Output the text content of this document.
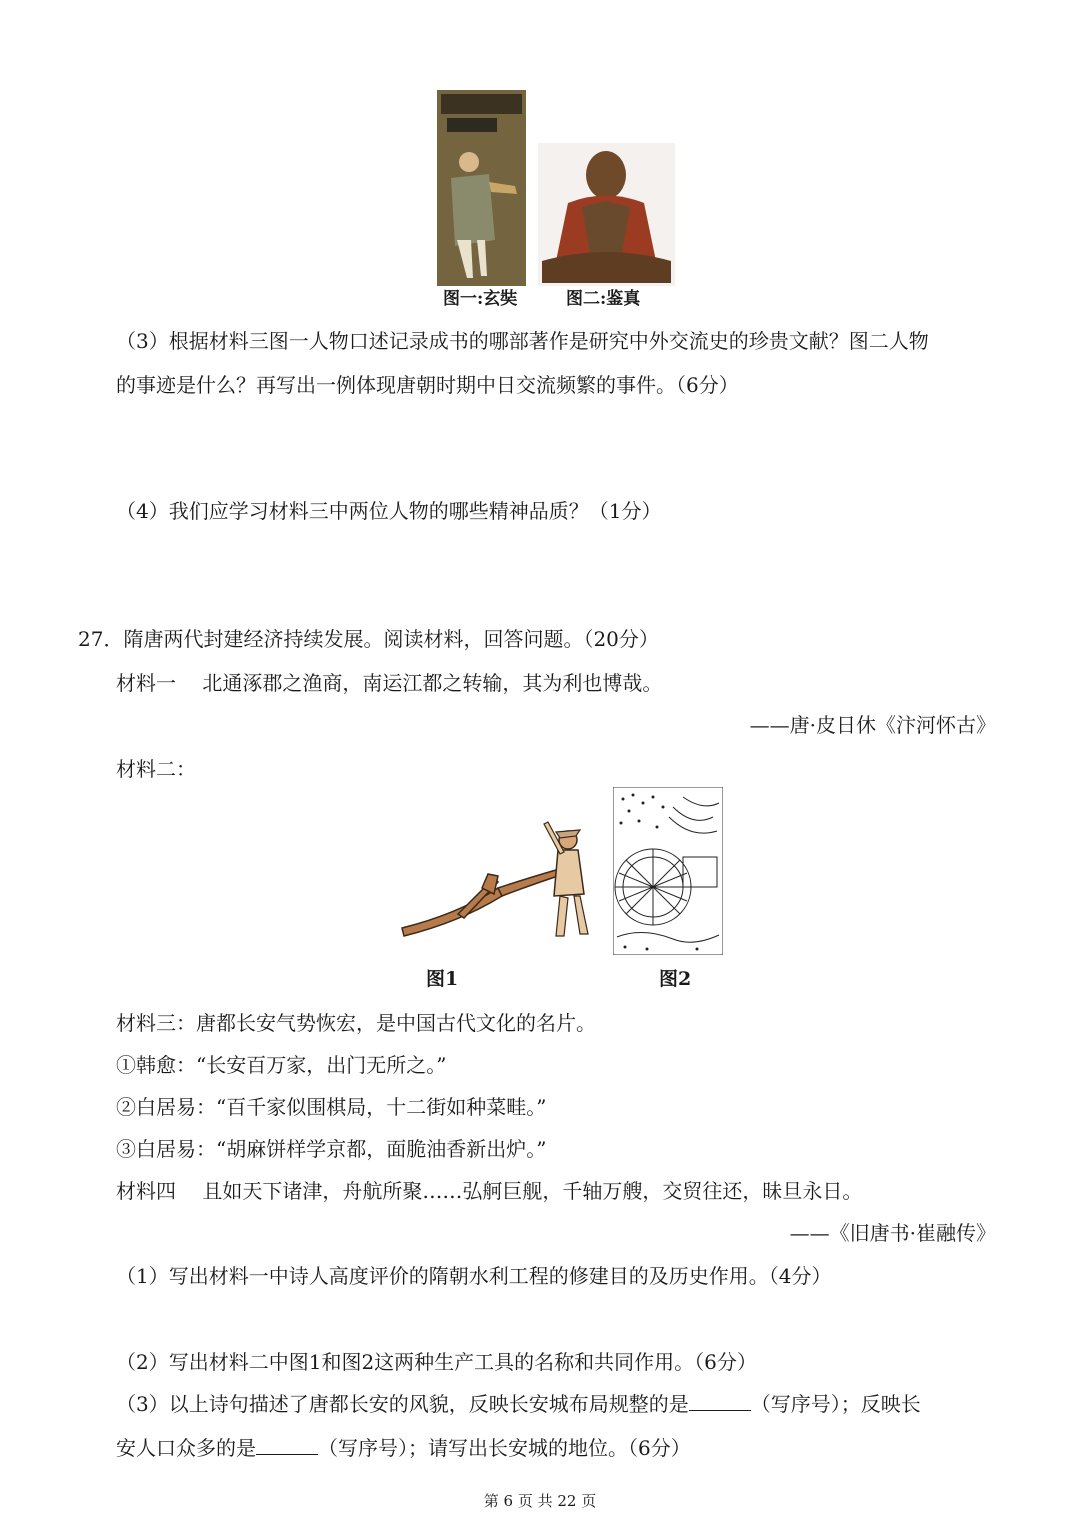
图一:玄奘	图二:鉴真
（3）根据材料三图一人物口述记录成书的哪部著作是研究中外交流史的珍贵文献？图二人物
的事迹是什么？再写出一例体现唐朝时期中日交流频繁的事件。（6分）
（4）我们应学习材料三中两位人物的哪些精神品质？（1分）
27．隋唐两代封建经济持续发展。阅读材料，回答问题。（20分）
材料一　 北通涿郡之渔商，南运江都之转输，其为利也博哉。
——唐·皮日休《汴河怀古》
材料二：
图1	图2
材料三：唐都长安气势恢宏，是中国古代文化的名片。
①韩愈：“长安百万家，出门无所之。”
②白居易：“百千家似围棋局，十二街如种菜畦。”
③白居易：“胡麻饼样学京都，面脆油香新出炉。”
材料四　 且如天下诸津，舟航所聚……弘舸巨舰，千轴万艘，交贸往还，昧旦永日。
——《旧唐书·崔融传》
（1）写出材料一中诗人高度评价的隋朝水利工程的修建目的及历史作用。（4分）
（2）写出材料二中图1和图2这两种生产工具的名称和共同作用。（6分）
（3）以上诗句描述了唐都长安的风貌，反映长安城布局规整的是	（写序号）；反映长
安人口众多的是	（写序号）；请写出长安城的地位。（6分）
第 6 页 共 22 页
